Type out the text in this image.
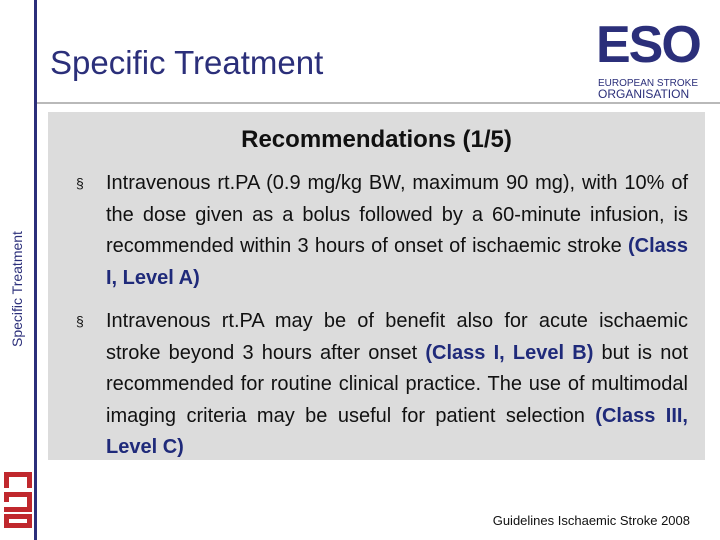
Specific Treatment	ESO
EUROPEAN STROKE
ORGANISATION
Specific Treatment
Recommendations (1/5)
§ Intravenous rt.PA (0.9 mg/kg BW, maximum 90 mg), with 10% of the dose given as a bolus followed by a 60-minute infusion, is recommended within 3 hours of onset of ischaemic stroke (Class I, Level A)
§ Intravenous rt.PA may be of benefit also for acute ischaemic stroke beyond 3 hours after onset (Class I, Level B) but is not recommended for routine clinical practice. The use of multimodal imaging criteria may be useful for patient selection (Class III, Level C)
Guidelines Ischaemic Stroke 2008
